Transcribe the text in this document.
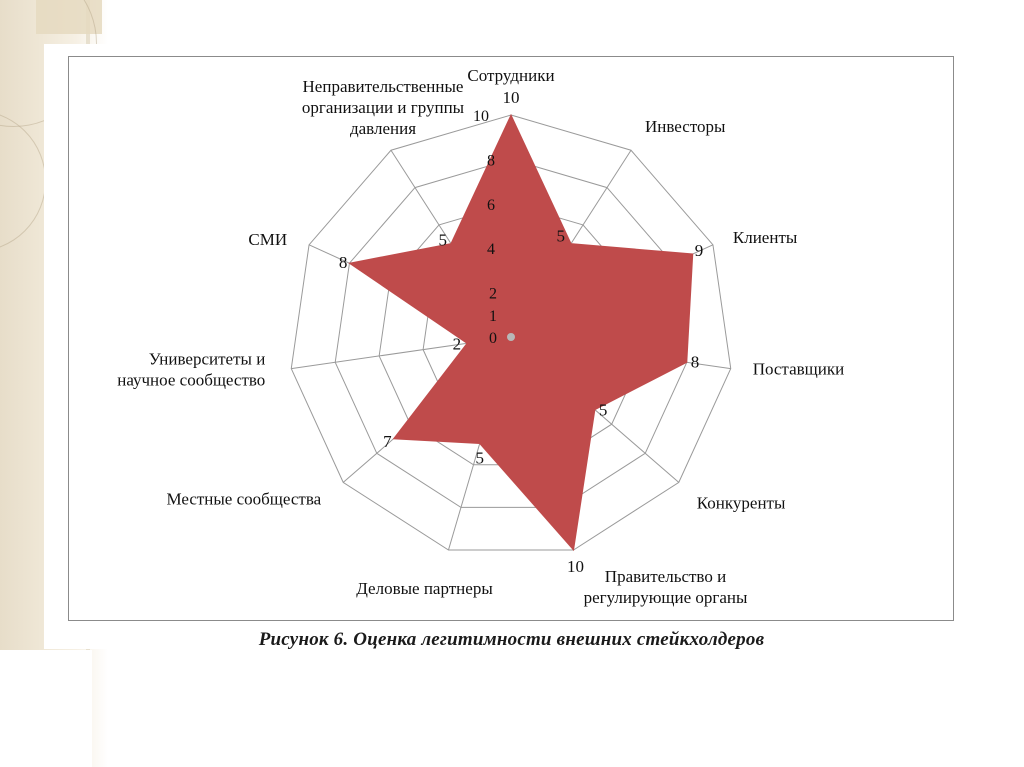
0
1
2
4
6
8
10
10
5
9
8
5
10
5
7
2
8
5
Сотрудники
Инвесторы
Клиенты
Поставщики
Конкуренты
Правительство и регулирующие органы
Деловые партнеры
Местные сообщества
Университеты и научное сообщество
СМИ
Неправительственные организации и группы давления
Рисунок 6. Оценка легитимности внешних стейкхолдеров
